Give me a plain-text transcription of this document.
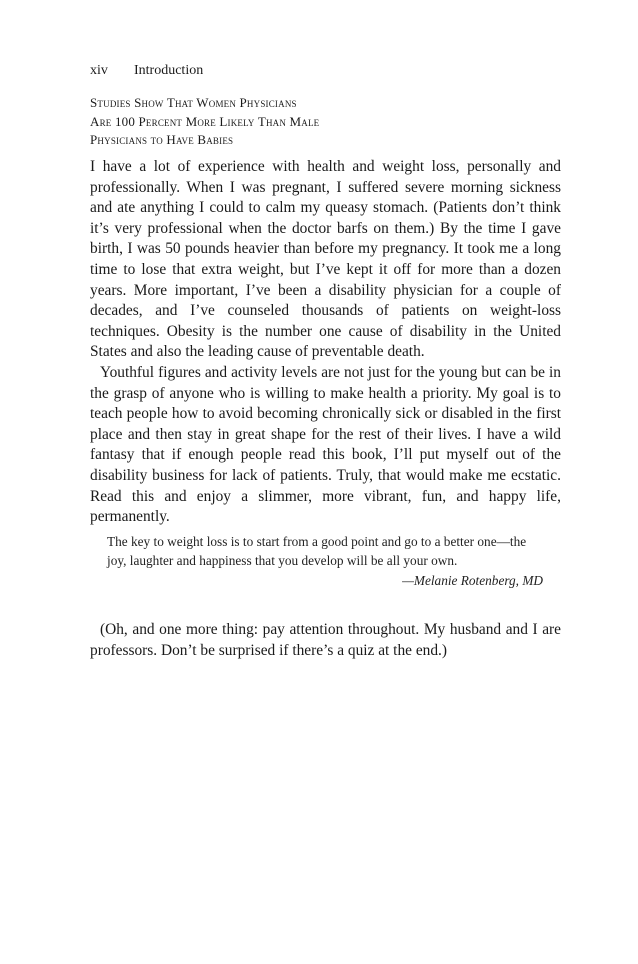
xiv Introduction
Studies Show That Women Physicians
Are 100 Percent More Likely Than Male
Physicians to Have Babies

I have a lot of experience with health and weight loss, personally and professionally. When I was pregnant, I suffered severe morning sickness and ate anything I could to calm my queasy stomach. (Patients don’t think it’s very professional when the doctor barfs on them.) By the time I gave birth, I was 50 pounds heavier than before my pregnancy. It took me a long time to lose that extra weight, but I’ve kept it off for more than a dozen years. More important, I’ve been a disability physician for a couple of decades, and I’ve counseled thousands of patients on weight-loss techniques. Obesity is the number one cause of disability in the United States and also the leading cause of preventable death.

Youthful figures and activity levels are not just for the young but can be in the grasp of anyone who is willing to make health a priority. My goal is to teach people how to avoid becoming chronically sick or disabled in the first place and then stay in great shape for the rest of their lives. I have a wild fantasy that if enough people read this book, I’ll put myself out of the disability business for lack of patients. Truly, that would make me ecstatic. Read this and enjoy a slimmer, more vibrant, fun, and happy life, permanently.

The key to weight loss is to start from a good point and go to a better one—the joy, laughter and happiness that you develop will be all your own.

—Melanie Rotenberg, MD

(Oh, and one more thing: pay attention throughout. My husband and I are professors. Don’t be surprised if there’s a quiz at the end.)
